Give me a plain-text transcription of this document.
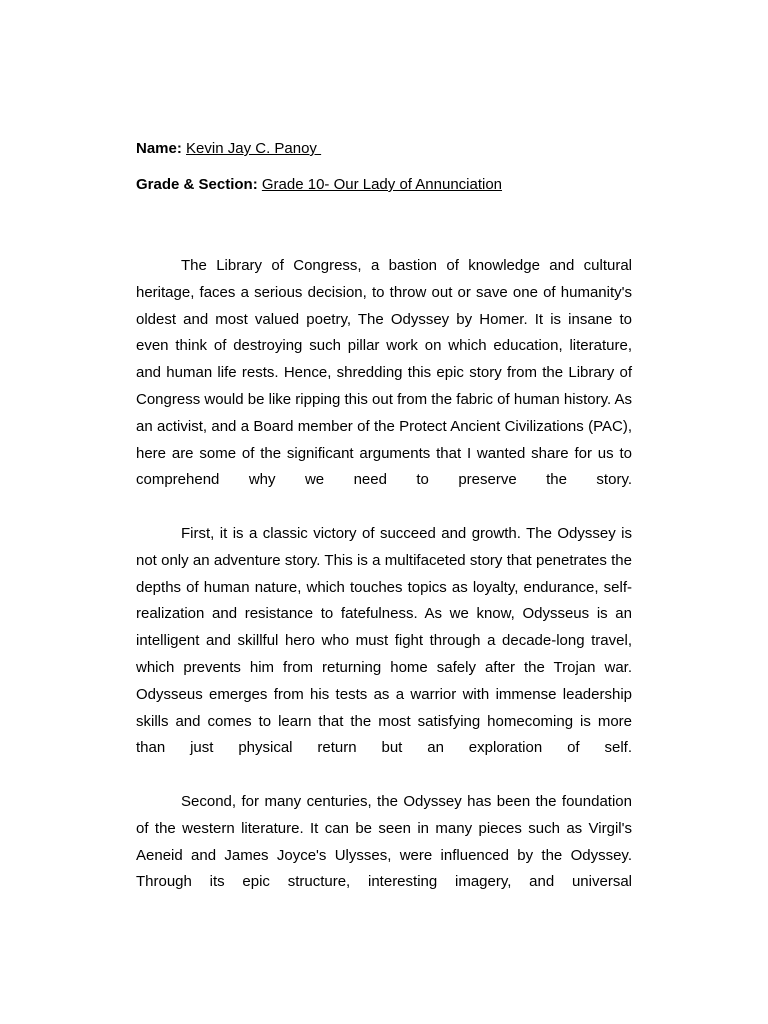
Name: Kevin Jay C. Panoy

Grade & Section: Grade 10- Our Lady of Annunciation

The Library of Congress, a bastion of knowledge and cultural heritage, faces a serious decision, to throw out or save one of humanity's oldest and most valued poetry, The Odyssey by Homer. It is insane to even think of destroying such pillar work on which education, literature, and human life rests. Hence, shredding this epic story from the Library of Congress would be like ripping this out from the fabric of human history. As an activist, and a Board member of the Protect Ancient Civilizations (PAC), here are some of the significant arguments that I wanted share for us to comprehend why we need to preserve the story.

First, it is a classic victory of succeed and growth. The Odyssey is not only an adventure story. This is a multifaceted story that penetrates the depths of human nature, which touches topics as loyalty, endurance, self-realization and resistance to fatefulness. As we know, Odysseus is an intelligent and skillful hero who must fight through a decade-long travel, which prevents him from returning home safely after the Trojan war. Odysseus emerges from his tests as a warrior with immense leadership skills and comes to learn that the most satisfying homecoming is more than just physical return but an exploration of self.

Second, for many centuries, the Odyssey has been the foundation of the western literature. It can be seen in many pieces such as Virgil's Aeneid and James Joyce's Ulysses, were influenced by the Odyssey. Through its epic structure, interesting imagery, and universal
